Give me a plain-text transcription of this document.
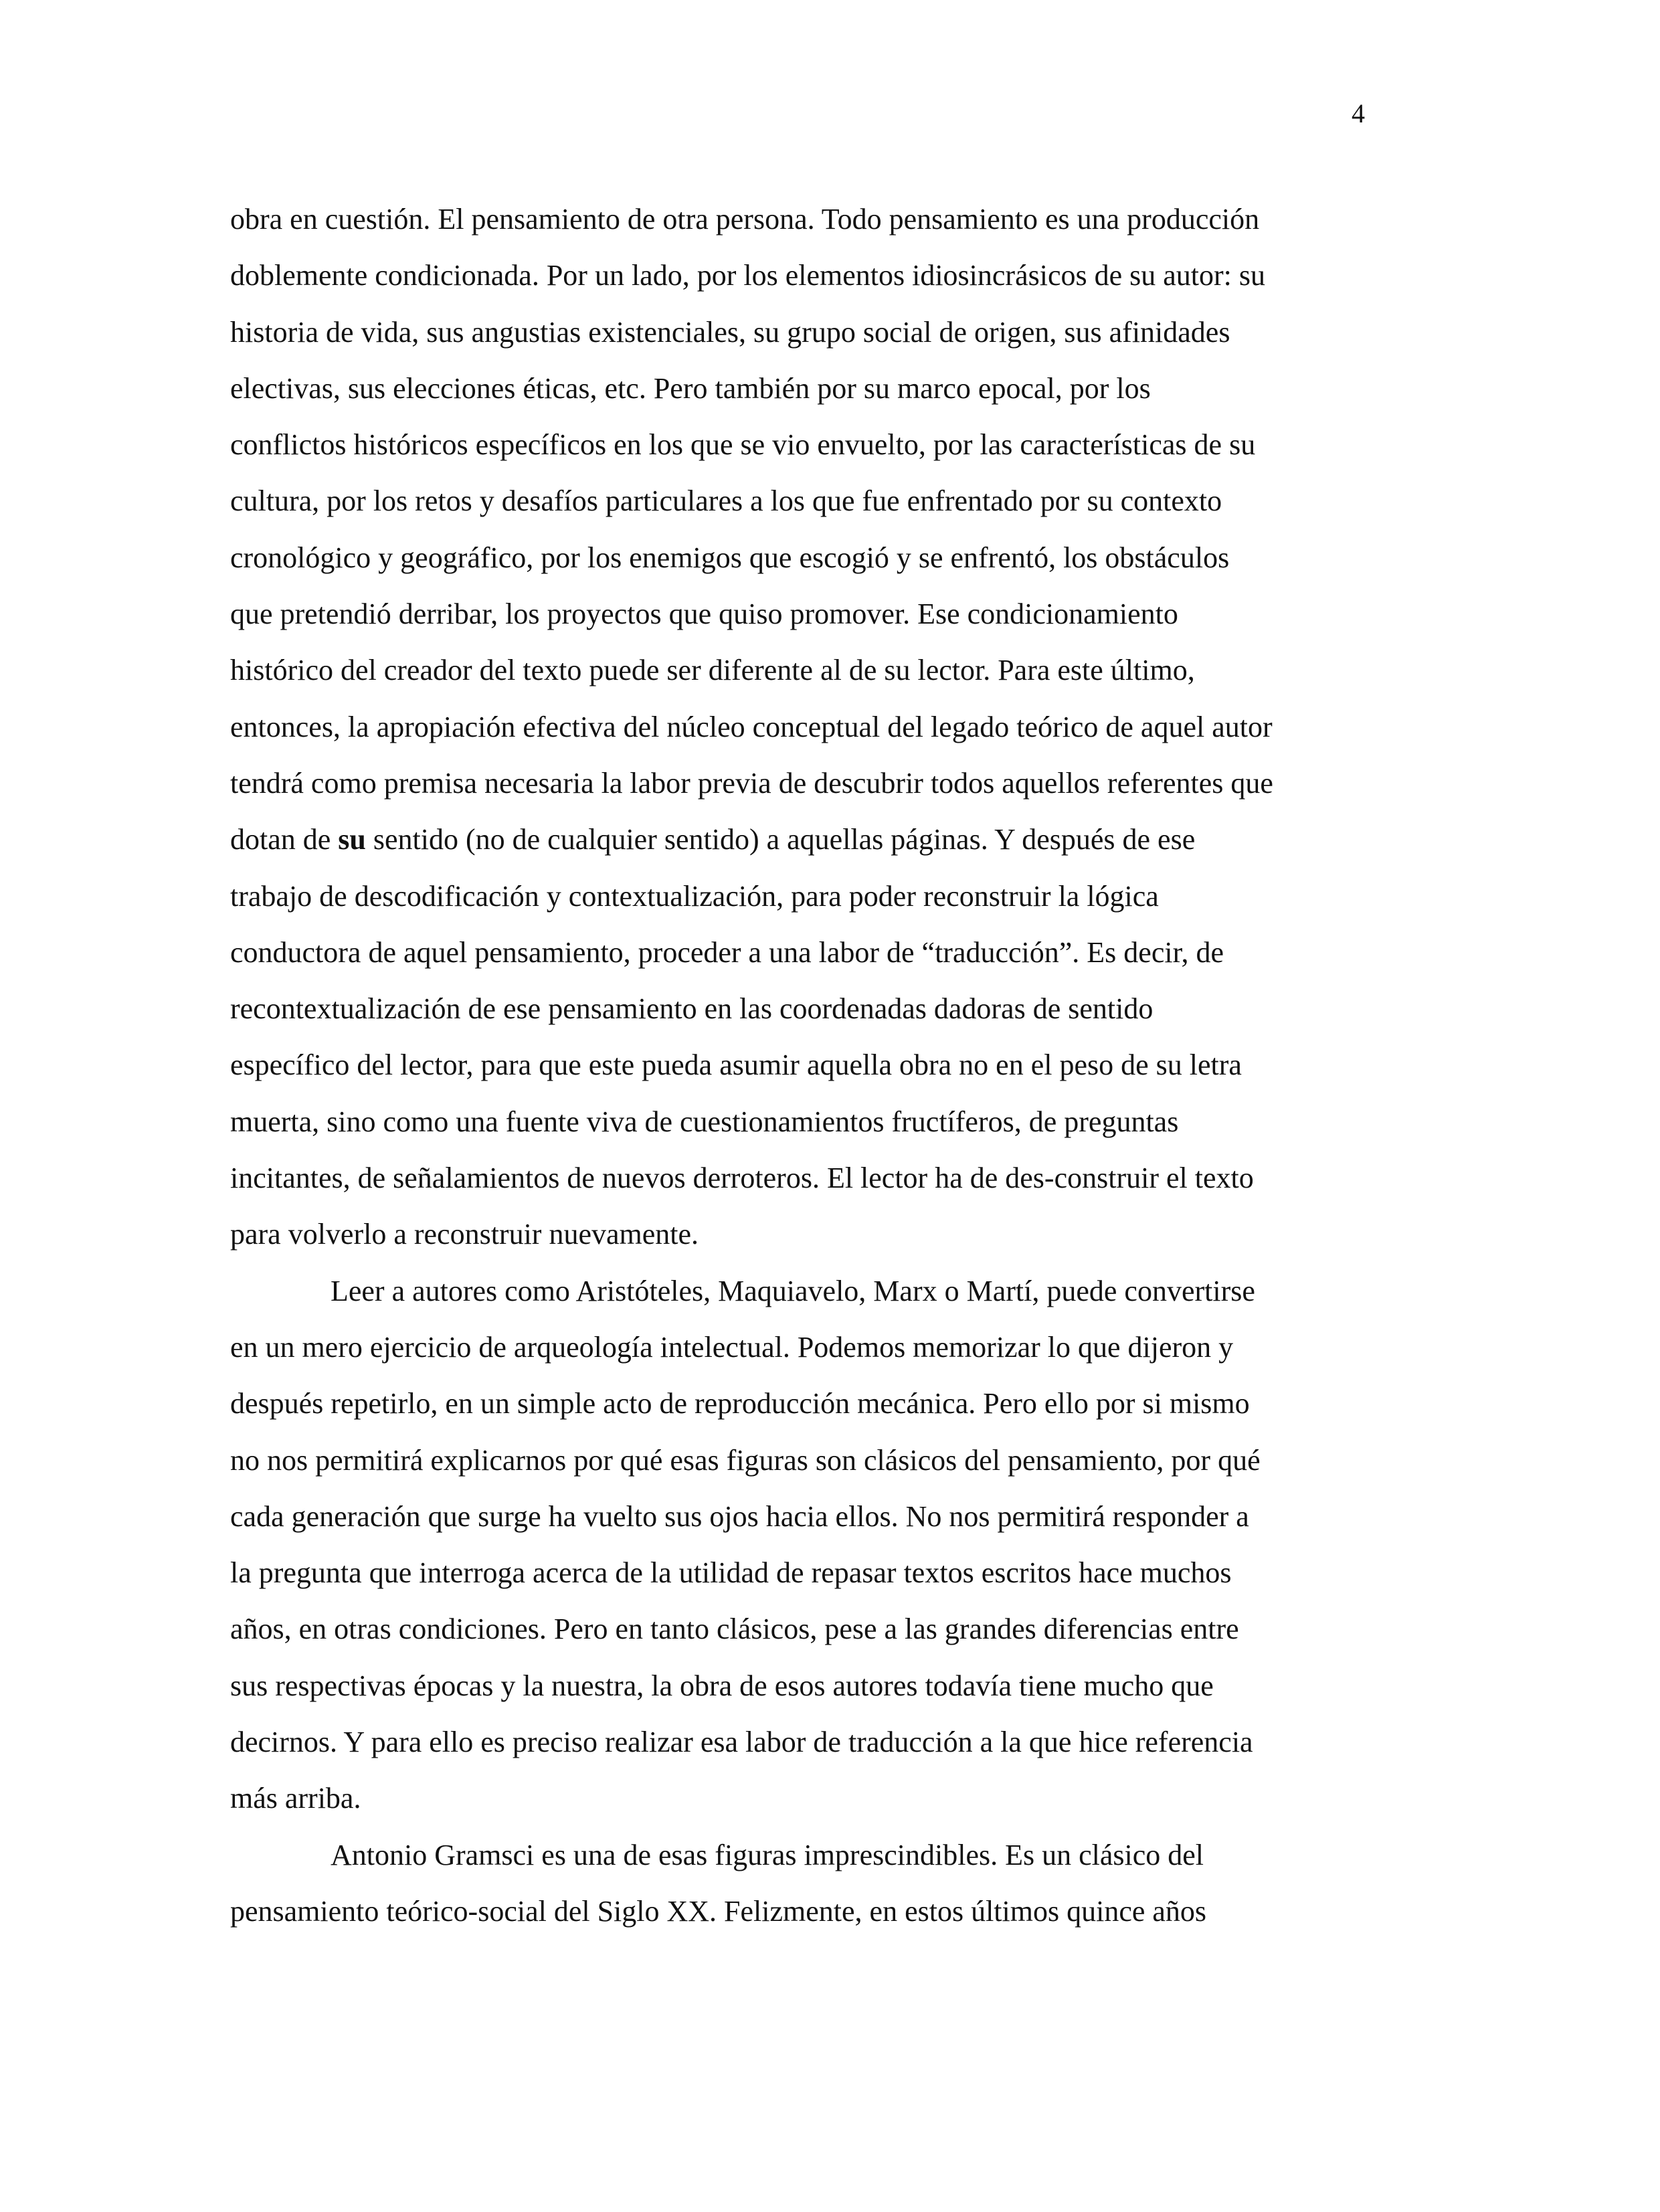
4
obra en cuestión. El pensamiento de otra persona. Todo pensamiento es una producción
doblemente condicionada. Por un lado, por los elementos idiosincrásicos de su autor: su
historia de vida, sus angustias existenciales, su grupo social de origen, sus afinidades
electivas, sus elecciones éticas, etc. Pero también por su marco epocal, por los
conflictos históricos específicos en los que se vio envuelto, por las características de su
cultura, por los retos y desafíos particulares a los que fue enfrentado por su contexto
cronológico y geográfico, por los enemigos que escogió y se enfrentó, los obstáculos
que pretendió derribar, los proyectos que quiso promover. Ese condicionamiento
histórico del creador del texto puede ser diferente al de su lector. Para este último,
entonces, la apropiación efectiva del núcleo conceptual del legado teórico de aquel autor
tendrá como premisa necesaria la labor previa de descubrir todos aquellos referentes que
dotan de su sentido (no de cualquier sentido) a aquellas páginas. Y después de ese
trabajo de descodificación y contextualización, para poder reconstruir la lógica
conductora de aquel pensamiento, proceder a una labor de “traducción”. Es decir, de
recontextualización de ese pensamiento en las coordenadas dadoras de sentido
específico del lector, para que este pueda asumir aquella obra no en el peso de su letra
muerta, sino como una fuente viva de cuestionamientos fructíferos, de preguntas
incitantes, de señalamientos de nuevos derroteros. El lector ha de des-construir el texto
para volverlo a reconstruir nuevamente.
Leer a autores como Aristóteles, Maquiavelo, Marx o Martí, puede convertirse
en un mero ejercicio de arqueología intelectual. Podemos memorizar lo que dijeron y
después repetirlo, en un simple acto de reproducción mecánica. Pero ello por si mismo
no nos permitirá explicarnos por qué esas figuras son clásicos del pensamiento, por qué
cada generación que surge ha vuelto sus ojos hacia ellos. No nos permitirá responder a
la pregunta que interroga acerca de la utilidad de repasar textos escritos hace muchos
años, en otras condiciones. Pero en tanto clásicos, pese a las grandes diferencias entre
sus respectivas épocas y la nuestra, la obra de esos autores todavía tiene mucho que
decirnos. Y para ello es preciso realizar esa labor de traducción a la que hice referencia
más arriba.
Antonio Gramsci es una de esas figuras imprescindibles. Es un clásico del
pensamiento teórico-social del Siglo XX. Felizmente, en estos últimos quince años
